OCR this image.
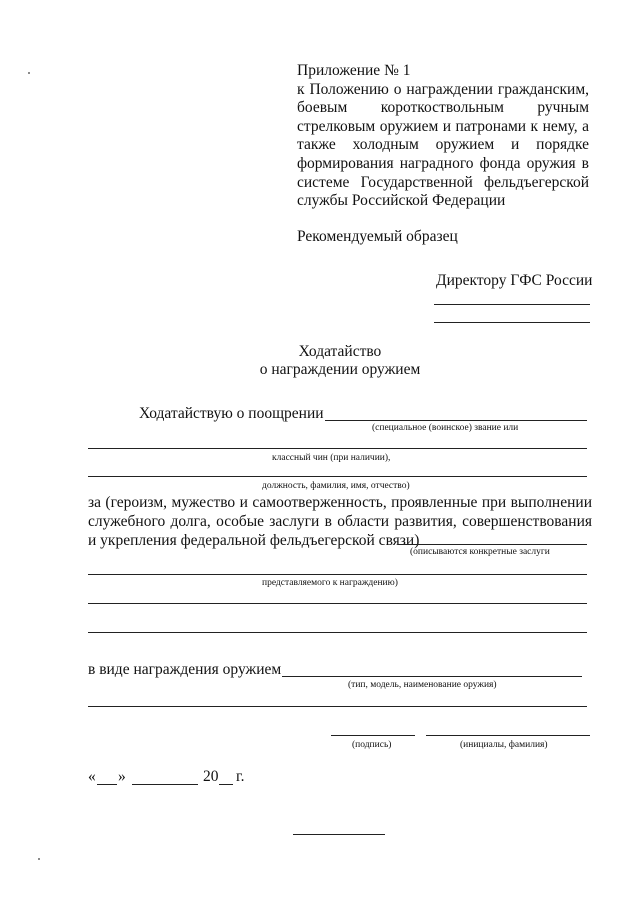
Приложение № 1

к Положению о награждении гражданским, боевым короткоствольным ручным стрелковым оружием и патронами к нему, а также холодным оружием и порядке формирования наградного фонда оружия в системе Государственной фельдъегерской службы Российской Федерации

Рекомендуемый образец
Директору ГФС России
Ходатайство
о награждении оружием
Ходатайствую о поощрении
(специальное (воинское) звание или
классный чин (при наличии),
должность, фамилия, имя, отчество)
за (героизм, мужество и самоотверженность, проявленные при выполнении служебного долга, особые заслуги в области развития, совершенствования и укрепления федеральной фельдъегерской связи)
(описываются конкретные заслуги
представляемого к награждению)
в виде награждения оружием
(тип, модель, наименование оружия)
(подпись)	(инициалы, фамилия)
« »	20 г.
